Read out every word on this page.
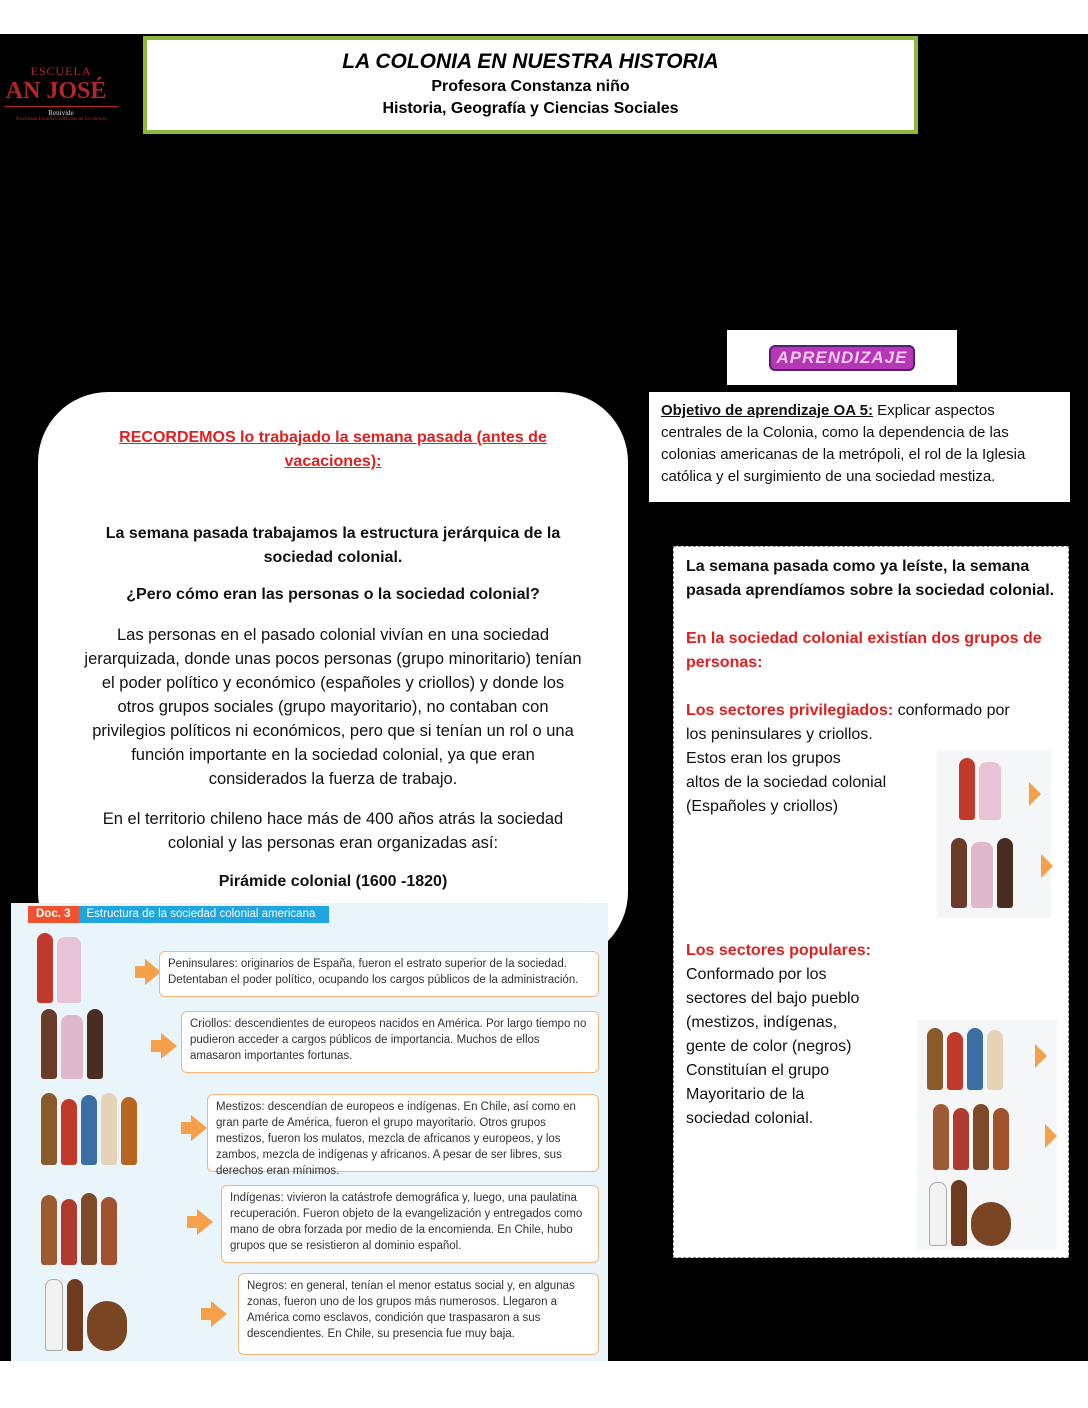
ESCUELA
AN JOSÉ
Renivíde
Acreditada Escuela Certificada de Excelencia
LA COLONIA EN NUESTRA HISTORIA
Profesora Constanza niño
Historia, Geografía y Ciencias Sociales
APRENDIZAJE
Objetivo de aprendizaje OA 5: Explicar aspectos centrales de la Colonia, como la dependencia de las colonias americanas de la metrópoli, el rol de la Iglesia católica y el surgimiento de una sociedad mestiza.
RECORDEMOS lo trabajado la semana pasada (antes de vacaciones):
La semana pasada trabajamos la estructura jerárquica de la sociedad colonial.
¿Pero cómo eran las personas o la sociedad colonial?
Las personas en el pasado colonial vivían en una sociedad jerarquizada, donde unas pocos personas (grupo minoritario) tenían el poder político y económico (españoles y criollos) y donde los otros grupos sociales (grupo mayoritario), no contaban con privilegios políticos ni económicos, pero que si tenían un rol o una función importante en la sociedad colonial, ya que eran considerados la fuerza de trabajo.
En el territorio chileno hace más de 400 años atrás la sociedad colonial y las personas eran organizadas así:
Pirámide colonial (1600 -1820)
Doc. 3	Estructura de la sociedad colonial americana
Peninsulares: originarios de España, fueron el estrato superior de la sociedad. Detentaban el poder político, ocupando los cargos públicos de la administración.
Criollos: descendientes de europeos nacidos en América. Por largo tiempo no pudieron acceder a cargos públicos de importancia. Muchos de ellos amasaron importantes fortunas.
Mestizos: descendían de europeos e indígenas. En Chile, así como en gran parte de América, fueron el grupo mayoritario. Otros grupos mestizos, fueron los mulatos, mezcla de africanos y europeos, y los zambos, mezcla de indígenas y africanos. A pesar de ser libres, sus derechos eran mínimos.
Indígenas: vivieron la catástrofe demográfica y, luego, una paulatina recuperación. Fueron objeto de la evangelización y entregados como mano de obra forzada por medio de la encomienda. En Chile, hubo grupos que se resistieron al dominio español.
Negros: en general, tenían el menor estatus social y, en algunas zonas, fueron uno de los grupos más numerosos. Llegaron a América como esclavos, condición que traspasaron a sus descendientes. En Chile, su presencia fue muy baja.
La semana pasada como ya leíste, la semana pasada aprendíamos sobre la sociedad colonial.
En la sociedad colonial existían dos grupos de personas:
Los sectores privilegiados: conformado por
los peninsulares y criollos.
Estos eran los grupos
altos de la sociedad colonial
(Españoles y criollos)
Los sectores populares:
Conformado por los
sectores del bajo pueblo
(mestizos, indígenas,
gente de color (negros)
Constituían el grupo
Mayoritario de la
sociedad colonial.
